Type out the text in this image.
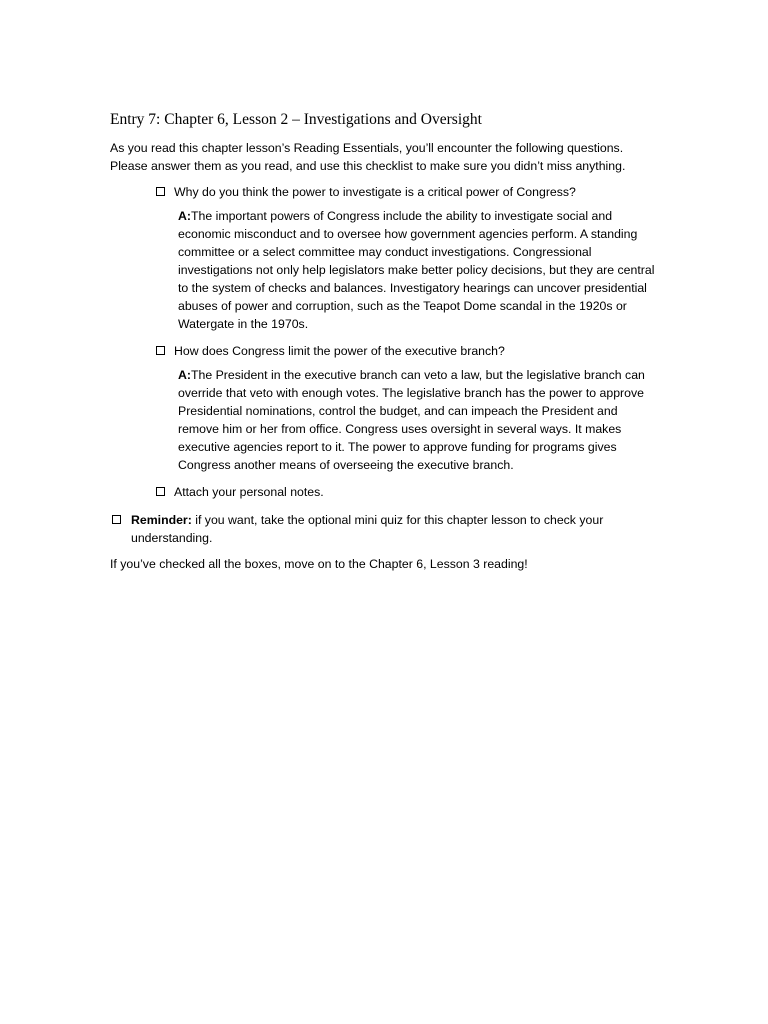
Entry 7: Chapter 6, Lesson 2 – Investigations and Oversight

As you read this chapter lesson’s Reading Essentials, you’ll encounter the following questions. Please answer them as you read, and use this checklist to make sure you didn’t miss anything.

Why do you think the power to investigate is a critical power of Congress?
A:The important powers of Congress include the ability to investigate social and economic misconduct and to oversee how government agencies perform. A standing committee or a select committee may conduct investigations. Congressional investigations not only help legislators make better policy decisions, but they are central to the system of checks and balances. Investigatory hearings can uncover presidential abuses of power and corruption, such as the Teapot Dome scandal in the 1920s or Watergate in the 1970s.
How does Congress limit the power of the executive branch?
A:The President in the executive branch can veto a law, but the legislative branch can override that veto with enough votes. The legislative branch has the power to approve Presidential nominations, control the budget, and can impeach the President and remove him or her from office. Congress uses oversight in several ways. It makes executive agencies report to it. The power to approve funding for programs gives Congress another means of overseeing the executive branch.
Attach your personal notes.

Reminder: if you want, take the optional mini quiz for this chapter lesson to check your understanding.

If you’ve checked all the boxes, move on to the Chapter 6, Lesson 3 reading!
